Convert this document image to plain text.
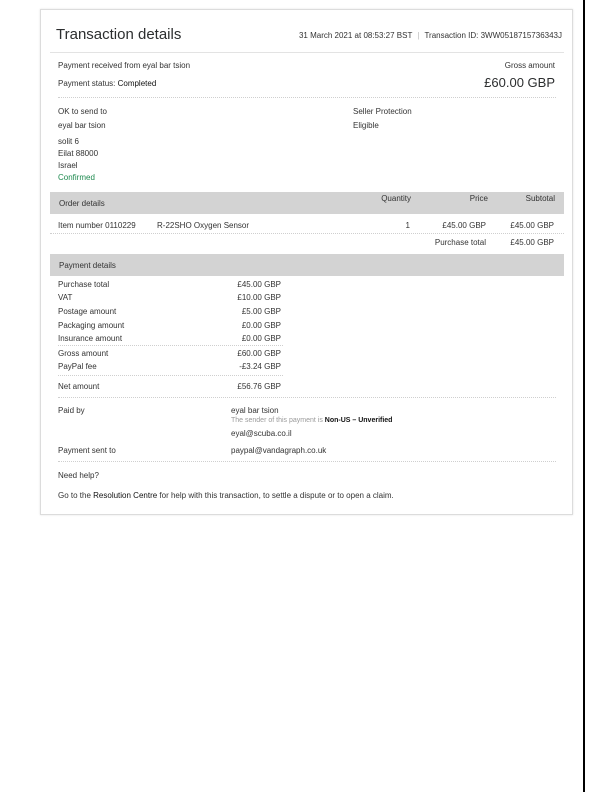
Transaction details	31 March 2021 at 08:53:27 BST | Transaction ID: 3WW0518715736343J
Payment received from eyal bar tsion	Gross amount
Payment status: Completed	£60.00 GBP
OK to send to
eyal bar tsion
solit 6
Eilat 88000
Israel
Confirmed
Seller Protection
Eligible
Order details
Quantity	Price	Subtotal
Item number 0110229	R-22SHO Oxygen Sensor	1	£45.00 GBP	£45.00 GBP
Purchase total	£45.00 GBP
Payment details
Purchase total	£45.00 GBP
VAT	£10.00 GBP
Postage amount	£5.00 GBP
Packaging amount	£0.00 GBP
Insurance amount	£0.00 GBP
Gross amount	£60.00 GBP
PayPal fee	-£3.24 GBP
Net amount	£56.76 GBP
Paid by	eyal bar tsion
The sender of this payment is Non-US – Unverified
eyal@scuba.co.il
Payment sent to	paypal@vandagraph.co.uk
Need help?
Go to the Resolution Centre for help with this transaction, to settle a dispute or to open a claim.
